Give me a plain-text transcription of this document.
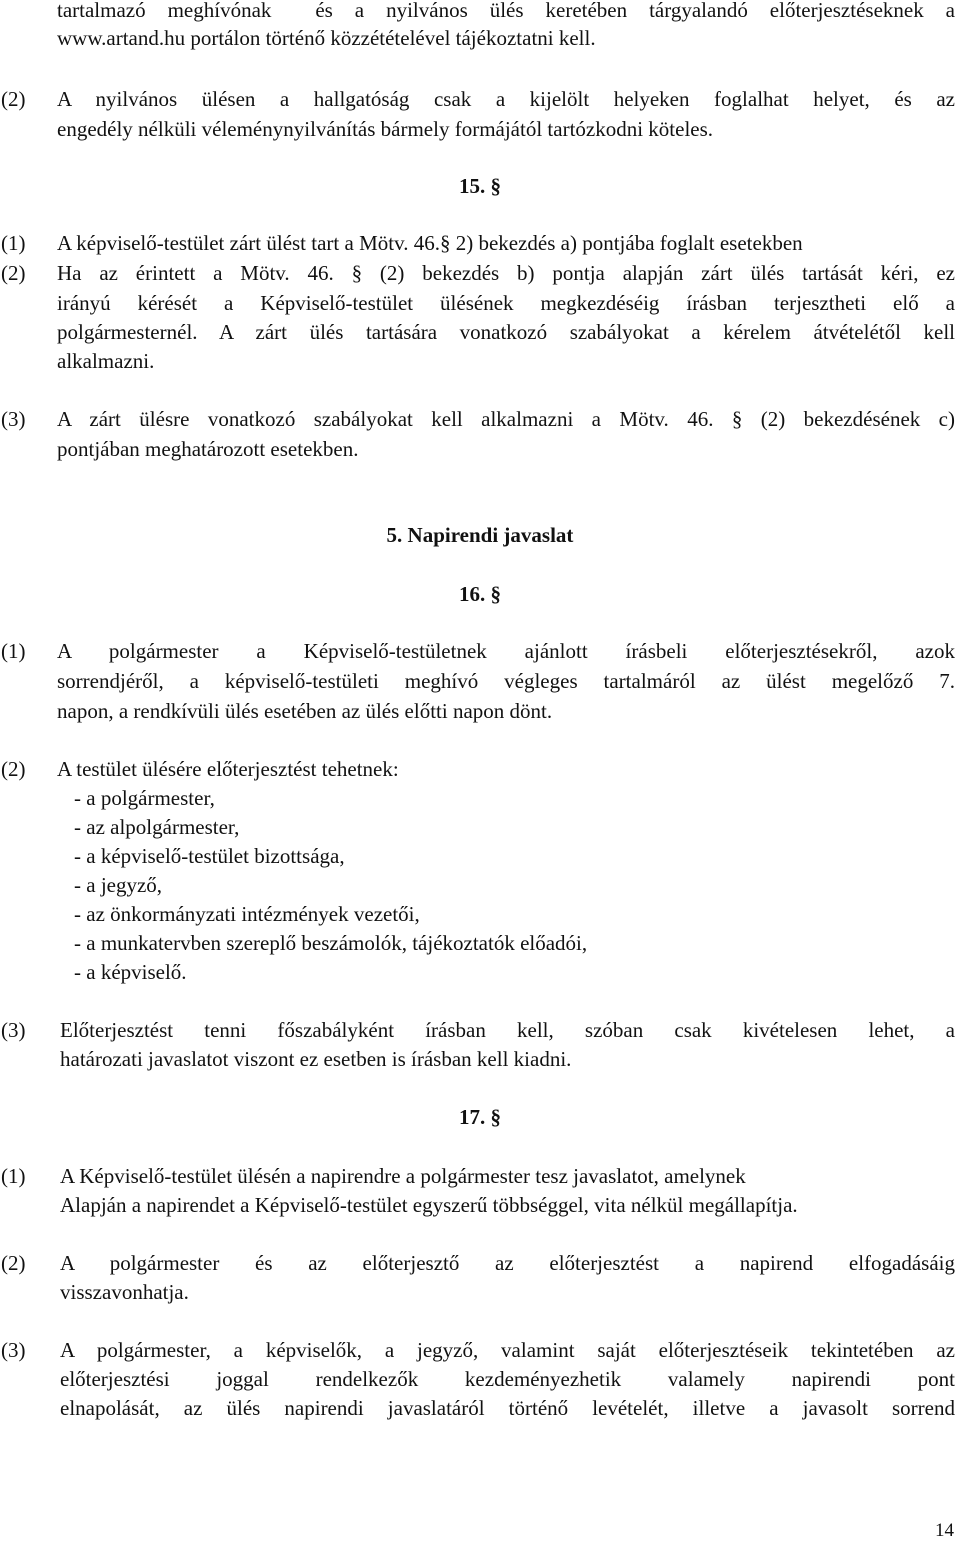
tartalmazó meghívónak  és a nyilvános ülés keretében tárgyalandó előterjesztéseknek a
www.artand.hu portálon történő közzétételével tájékoztatni kell.
(2) A nyilvános ülésen a hallgatóság csak a kijelölt helyeken foglalhat helyet, és az
engedély nélküli véleménynyilvánítás bármely formájától tartózkodni köteles.
15. §
(1) A képviselő-testület zárt ülést tart a Mötv. 46.§ 2) bekezdés a) pontjába foglalt esetekben
(2) Ha az érintett a Mötv. 46. § (2) bekezdés b) pontja alapján zárt ülés tartását kéri, ez
irányú kérését a Képviselő-testület ülésének megkezdéséig írásban terjesztheti elő a
polgármesternél. A zárt ülés tartására vonatkozó szabályokat a kérelem átvételétől kell
alkalmazni.
(3) A zárt ülésre vonatkozó szabályokat kell alkalmazni a Mötv. 46. § (2) bekezdésének c)
pontjában meghatározott esetekben.
5. Napirendi javaslat
16. §
(1) A polgármester a Képviselő-testületnek ajánlott írásbeli előterjesztésekről, azok
sorrendjéről, a képviselő-testületi meghívó végleges tartalmáról az ülést megelőző 7.
napon, a rendkívüli ülés esetében az ülés előtti napon dönt.
(2) A testület ülésére előterjesztést tehetnek:
- a polgármester,
- az alpolgármester,
- a képviselő-testület bizottsága,
- a jegyző,
- az önkormányzati intézmények vezetői,
- a munkatervben szereplő beszámolók, tájékoztatók előadói,
- a képviselő.
(3) Előterjesztést tenni főszabályként írásban kell, szóban csak kivételesen lehet, a
határozati javaslatot viszont ez esetben is írásban kell kiadni.
17. §
(1) A Képviselő-testület ülésén a napirendre a polgármester tesz javaslatot, amelynek
Alapján a napirendet a Képviselő-testület egyszerű többséggel, vita nélkül megállapítja.
(2) A polgármester és az előterjesztő az előterjesztést a napirend elfogadásáig
visszavonhatja.
(3) A polgármester, a képviselők, a jegyző, valamint saját előterjesztéseik tekintetében az
előterjesztési joggal rendelkezők kezdeményezhetik valamely napirendi pont
elnapolását, az ülés napirendi javaslatáról történő levételét, illetve a javasolt sorrend
14
